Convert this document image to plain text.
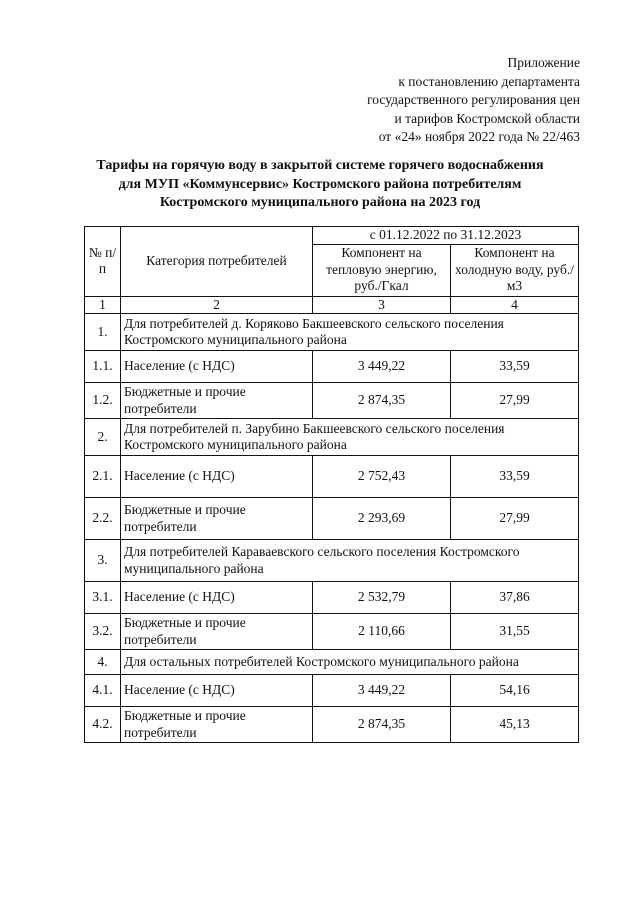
Приложение
к постановлению департамента
государственного регулирования цен
и тарифов Костромской области
от «24» ноября 2022 года № 22/463
Тарифы на горячую воду в закрытой системе горячего водоснабжения
для МУП «Коммунсервис» Костромского района потребителям
Костромского муниципального района на 2023 год
№ п/п	Категория потребителей	с 01.12.2022 по 31.12.2023	
		Компонент на тепловую энергию, руб./Гкал	Компонент на холодную воду, руб./м3
1	2	3	4
1.	Для потребителей д. Коряково Бакшеевского сельского поселения Костромского муниципального района		
1.1.	Население (с НДС)	3 449,22	33,59
1.2.	Бюджетные и прочие потребители	2 874,35	27,99
2.	Для потребителей п. Зарубино Бакшеевского сельского поселения Костромского муниципального района		
2.1.	Население (с НДС)	2 752,43	33,59
2.2.	Бюджетные и прочие потребители	2 293,69	27,99
3.	Для потребителей Караваевского сельского поселения Костромского муниципального района		
3.1.	Население (с НДС)	2 532,79	37,86
3.2.	Бюджетные и прочие потребители	2 110,66	31,55
4.	Для остальных потребителей Костромского муниципального района		
4.1.	Население (с НДС)	3 449,22	54,16
4.2.	Бюджетные и прочие потребители	2 874,35	45,13
